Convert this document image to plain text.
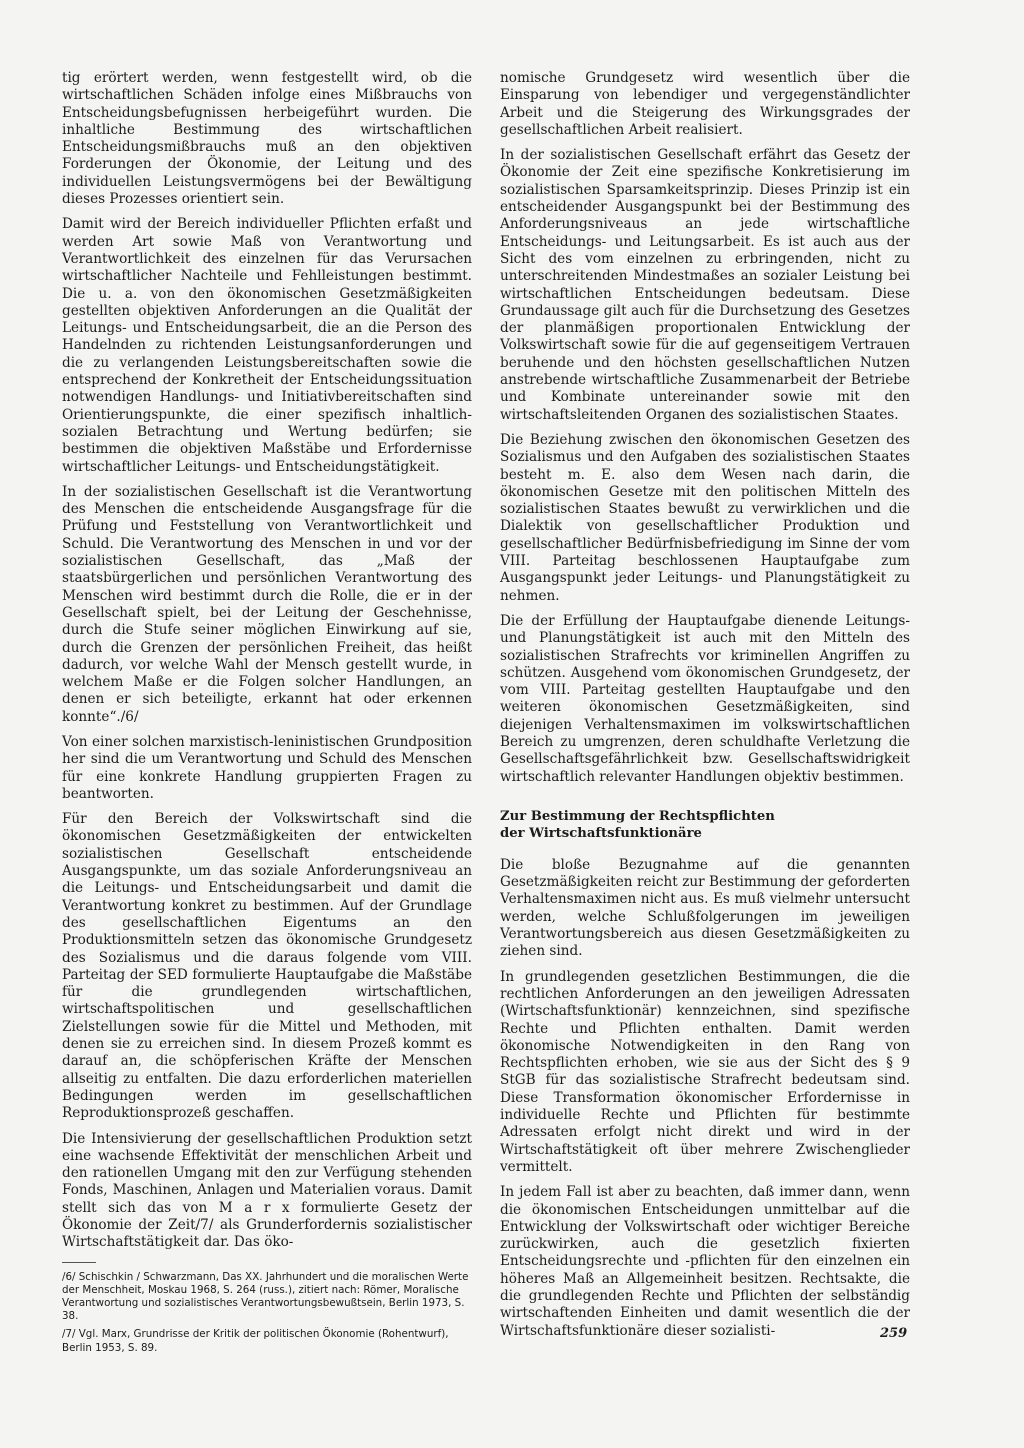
tig erörtert werden, wenn festgestellt wird, ob die wirtschaftlichen Schäden infolge eines Mißbrauchs von Entscheidungsbefugnissen herbeigeführt wurden. Die inhaltliche Bestimmung des wirtschaftlichen Entscheidungsmißbrauchs muß an den objektiven Forderungen der Ökonomie, der Leitung und des individuellen Leistungsvermögens bei der Bewältigung dieses Prozesses orientiert sein.

Damit wird der Bereich individueller Pflichten erfaßt und werden Art sowie Maß von Verantwortung und Verantwortlichkeit des einzelnen für das Verursachen wirtschaftlicher Nachteile und Fehlleistungen bestimmt. Die u. a. von den ökonomischen Gesetzmäßigkeiten gestellten objektiven Anforderungen an die Qualität der Leitungs- und Entscheidungsarbeit, die an die Person des Handelnden zu richtenden Leistungsanforderungen und die zu verlangenden Leistungsbereitschaften sowie die entsprechend der Konkretheit der Entscheidungssituation notwendigen Handlungs- und Initiativbereitschaften sind Orientierungspunkte, die einer spezifisch inhaltlich-sozialen Betrachtung und Wertung bedürfen; sie bestimmen die objektiven Maßstäbe und Erfordernisse wirtschaftlicher Leitungs- und Entscheidungstätigkeit.

In der sozialistischen Gesellschaft ist die Verantwortung des Menschen die entscheidende Ausgangsfrage für die Prüfung und Feststellung von Verantwortlichkeit und Schuld. Die Verantwortung des Menschen in und vor der sozialistischen Gesellschaft, das „Maß der staatsbürgerlichen und persönlichen Verantwortung des Menschen wird bestimmt durch die Rolle, die er in der Gesellschaft spielt, bei der Leitung der Geschehnisse, durch die Stufe seiner möglichen Einwirkung auf sie, durch die Grenzen der persönlichen Freiheit, das heißt dadurch, vor welche Wahl der Mensch gestellt wurde, in welchem Maße er die Folgen solcher Handlungen, an denen er sich beteiligte, erkannt hat oder erkennen konnte“./6/

Von einer solchen marxistisch-leninistischen Grundposition her sind die um Verantwortung und Schuld des Menschen für eine konkrete Handlung gruppierten Fragen zu beantworten.

Für den Bereich der Volkswirtschaft sind die ökonomischen Gesetzmäßigkeiten der entwickelten sozialistischen Gesellschaft entscheidende Ausgangspunkte, um das soziale Anforderungsniveau an die Leitungs- und Entscheidungsarbeit und damit die Verantwortung konkret zu bestimmen. Auf der Grundlage des gesellschaftlichen Eigentums an den Produktionsmitteln setzen das ökonomische Grundgesetz des Sozialismus und die daraus folgende vom VIII. Parteitag der SED formulierte Hauptaufgabe die Maßstäbe für die grundlegenden wirtschaftlichen, wirtschaftspolitischen und gesellschaftlichen Zielstellungen sowie für die Mittel und Methoden, mit denen sie zu erreichen sind. In diesem Prozeß kommt es darauf an, die schöpferischen Kräfte der Menschen allseitig zu entfalten. Die dazu erforderlichen materiellen Bedingungen werden im gesellschaftlichen Reproduktionsprozeß geschaffen.

Die Intensivierung der gesellschaftlichen Produktion setzt eine wachsende Effektivität der menschlichen Arbeit und den rationellen Umgang mit den zur Verfügung stehenden Fonds, Maschinen, Anlagen und Materialien voraus. Damit stellt sich das von M a r x formulierte Gesetz der Ökonomie der Zeit/7/ als Grunderfordernis sozialistischer Wirtschaftstätigkeit dar. Das öko-

/6/ Schischkin / Schwarzmann, Das XX. Jahrhundert und die moralischen Werte der Menschheit, Moskau 1968, S. 264 (russ.), zitiert nach: Römer, Moralische Verantwortung und sozialistisches Verantwortungsbewußtsein, Berlin 1973, S. 38.

/7/ Vgl. Marx, Grundrisse der Kritik der politischen Ökonomie (Rohentwurf), Berlin 1953, S. 89.

nomische Grundgesetz wird wesentlich über die Einsparung von lebendiger und vergegenständlichter Arbeit und die Steigerung des Wirkungsgrades der gesellschaftlichen Arbeit realisiert.

In der sozialistischen Gesellschaft erfährt das Gesetz der Ökonomie der Zeit eine spezifische Konkretisierung im sozialistischen Sparsamkeitsprinzip. Dieses Prinzip ist ein entscheidender Ausgangspunkt bei der Bestimmung des Anforderungsniveaus an jede wirtschaftliche Entscheidungs- und Leitungsarbeit. Es ist auch aus der Sicht des vom einzelnen zu erbringenden, nicht zu unterschreitenden Mindestmaßes an sozialer Leistung bei wirtschaftlichen Entscheidungen bedeutsam. Diese Grundaussage gilt auch für die Durchsetzung des Gesetzes der planmäßigen proportionalen Entwicklung der Volkswirtschaft sowie für die auf gegenseitigem Vertrauen beruhende und den höchsten gesellschaftlichen Nutzen anstrebende wirtschaftliche Zusammenarbeit der Betriebe und Kombinate untereinander sowie mit den wirtschaftsleitenden Organen des sozialistischen Staates.

Die Beziehung zwischen den ökonomischen Gesetzen des Sozialismus und den Aufgaben des sozialistischen Staates besteht m. E. also dem Wesen nach darin, die ökonomischen Gesetze mit den politischen Mitteln des sozialistischen Staates bewußt zu verwirklichen und die Dialektik von gesellschaftlicher Produktion und gesellschaftlicher Bedürfnisbefriedigung im Sinne der vom VIII. Parteitag beschlossenen Hauptaufgabe zum Ausgangspunkt jeder Leitungs- und Planungstätigkeit zu nehmen.

Die der Erfüllung der Hauptaufgabe dienende Leitungs- und Planungstätigkeit ist auch mit den Mitteln des sozialistischen Strafrechts vor kriminellen Angriffen zu schützen. Ausgehend vom ökonomischen Grundgesetz, der vom VIII. Parteitag gestellten Hauptaufgabe und den weiteren ökonomischen Gesetzmäßigkeiten, sind diejenigen Verhaltensmaximen im volkswirtschaftlichen Bereich zu umgrenzen, deren schuldhafte Verletzung die Gesellschaftsgefährlichkeit bzw. Gesellschaftswidrigkeit wirtschaftlich relevanter Handlungen objektiv bestimmen.

Zur Bestimmung der Rechtspflichten
der Wirtschaftsfunktionäre

Die bloße Bezugnahme auf die genannten Gesetzmäßigkeiten reicht zur Bestimmung der geforderten Verhaltensmaximen nicht aus. Es muß vielmehr untersucht werden, welche Schlußfolgerungen im jeweiligen Verantwortungsbereich aus diesen Gesetzmäßigkeiten zu ziehen sind.

In grundlegenden gesetzlichen Bestimmungen, die die rechtlichen Anforderungen an den jeweiligen Adressaten (Wirtschaftsfunktionär) kennzeichnen, sind spezifische Rechte und Pflichten enthalten. Damit werden ökonomische Notwendigkeiten in den Rang von Rechtspflichten erhoben, wie sie aus der Sicht des § 9 StGB für das sozialistische Strafrecht bedeutsam sind. Diese Transformation ökonomischer Erfordernisse in individuelle Rechte und Pflichten für bestimmte Adressaten erfolgt nicht direkt und wird in der Wirtschaftstätigkeit oft über mehrere Zwischenglieder vermittelt.

In jedem Fall ist aber zu beachten, daß immer dann, wenn die ökonomischen Entscheidungen unmittelbar auf die Entwicklung der Volkswirtschaft oder wichtiger Bereiche zurückwirken, auch die gesetzlich fixierten Entscheidungsrechte und -pflichten für den einzelnen ein höheres Maß an Allgemeinheit besitzen. Rechtsakte, die die grundlegenden Rechte und Pflichten der selbständig wirtschaftenden Einheiten und damit wesentlich die der Wirtschaftsfunktionäre dieser sozialisti-	259
